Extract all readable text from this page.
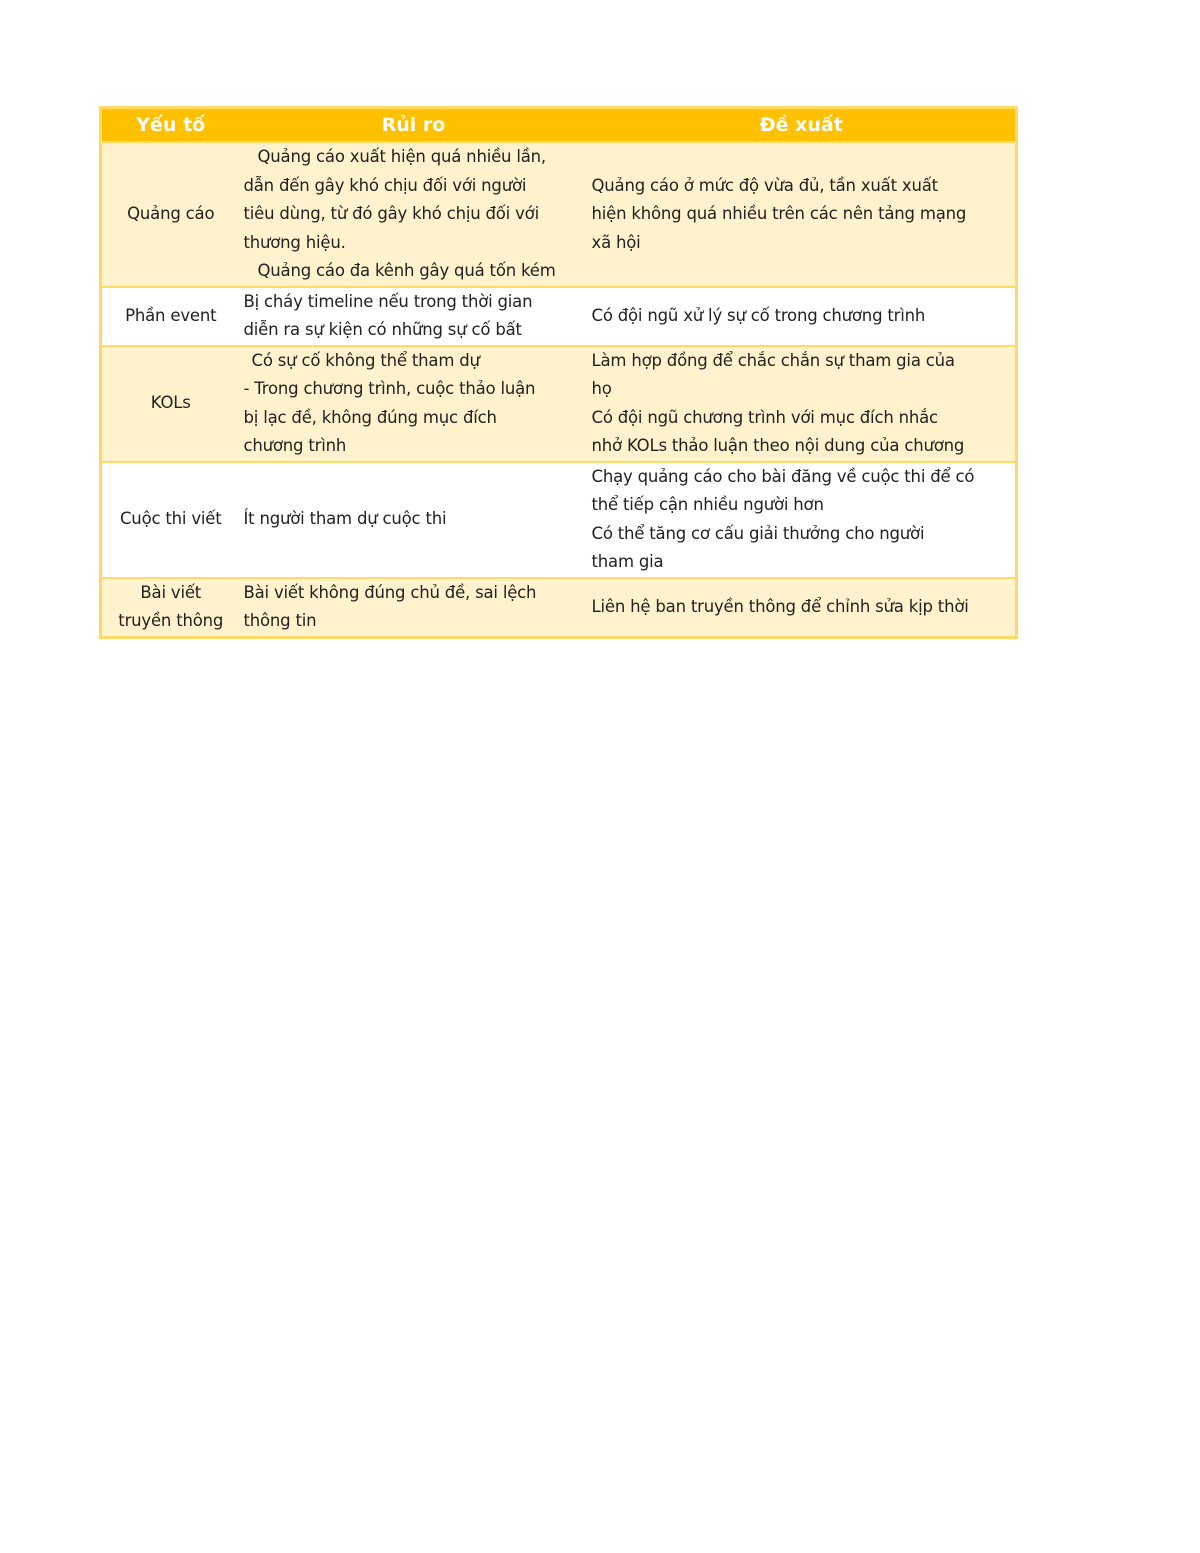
Yếu tố	Rủi ro	Đề xuất

Quảng cáo	Quảng cáo xuất hiện quá nhiều lần,
dẫn đến gây khó chịu đối với người
tiêu dùng, từ đó gây khó chịu đối với
thương hiệu.
Quảng cáo đa kênh gây quá tốn kém	Quảng cáo ở mức độ vừa đủ, tần xuất xuất
hiện không quá nhiều trên các nên tảng mạng
xã hội

Phần event	Bị cháy timeline nếu trong thời gian
diễn ra sự kiện có những sự cố bất	Có đội ngũ xử lý sự cố trong chương trình

KOLs	Có sự cố không thể tham dự
- Trong chương trình, cuộc thảo luận
bị lạc đề, không đúng mục đích
chương trình	Làm hợp đồng để chắc chắn sự tham gia của
họ
Có đội ngũ chương trình với mục đích nhắc
nhở KOLs thảo luận theo nội dung của chương

Cuộc thi viết	Ít người tham dự cuộc thi	Chạy quảng cáo cho bài đăng về cuộc thi để có
thể tiếp cận nhiều người hơn
Có thể tăng cơ cấu giải thưởng cho người
tham gia

Bài viết
truyền thông	Bài viết không đúng chủ đề, sai lệch
thông tin	Liên hệ ban truyền thông để chỉnh sửa kịp thời
